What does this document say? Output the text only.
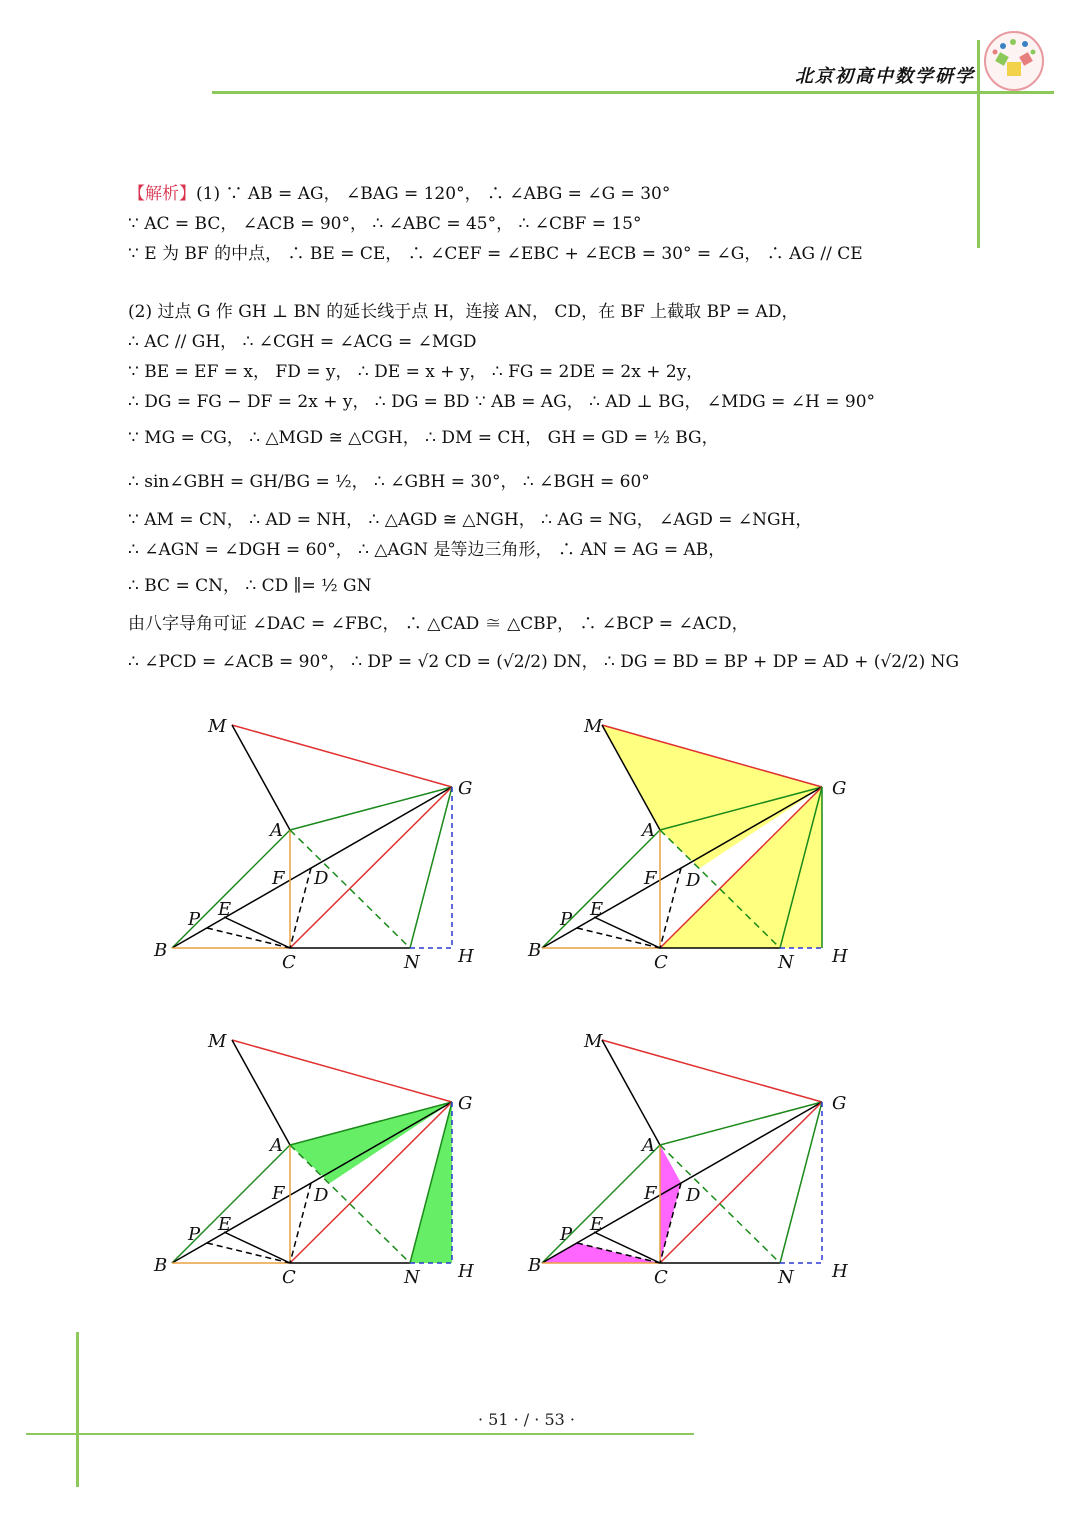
北京初高中数学研学
【解析】(1) ∵ AB = AG， ∠BAG = 120°， ∴ ∠ABG = ∠G = 30°
∵ AC = BC， ∠ACB = 90°， ∴ ∠ABC = 45°， ∴ ∠CBF = 15°
∵ E 为 BF 的中点， ∴ BE = CE， ∴ ∠CEF = ∠EBC + ∠ECB = 30° = ∠G， ∴ AG // CE
(2) 过点 G 作 GH ⊥ BN 的延长线于点 H，连接 AN， CD，在 BF 上截取 BP = AD，
∴ AC // GH， ∴ ∠CGH = ∠ACG = ∠MGD
∵ BE = EF = x， FD = y， ∴ DE = x + y， ∴ FG = 2DE = 2x + 2y，
∴ DG = FG − DF = 2x + y， ∴ DG = BD ∵ AB = AG， ∴ AD ⊥ BG， ∠MDG = ∠H = 90°
∵ MG = CG， ∴ △MGD ≅ △CGH， ∴ DM = CH， GH = GD = ½ BG，
∴ sin∠GBH = GH/BG = ½， ∴ ∠GBH = 30°， ∴ ∠BGH = 60°
∵ AM = CN， ∴ AD = NH， ∴ △AGD ≅ △NGH， ∴ AG = NG， ∠AGD = ∠NGH，
∴ ∠AGN = ∠DGH = 60°， ∴ △AGN 是等边三角形， ∴ AN = AG = AB，
∴ BC = CN， ∴ CD ∥= ½ GN
由八字导角可证 ∠DAC = ∠FBC， ∴ △CAD ≅ △CBP， ∴ ∠BCP = ∠ACD，
∴ ∠PCD = ∠ACB = 90°， ∴ DP = √2 CD = (√2/2) DN， ∴ DG = BD = BP + DP = AD + (√2/2) NG
M
G
A
F D
E
P
B
C	N H
M
G
A
F D
E
P
B
C	N H
M
G
A
F D
E
P
B
C	N H
M
G
A
F D
E
P
B
C	N H
· 51 · / · 53 ·
